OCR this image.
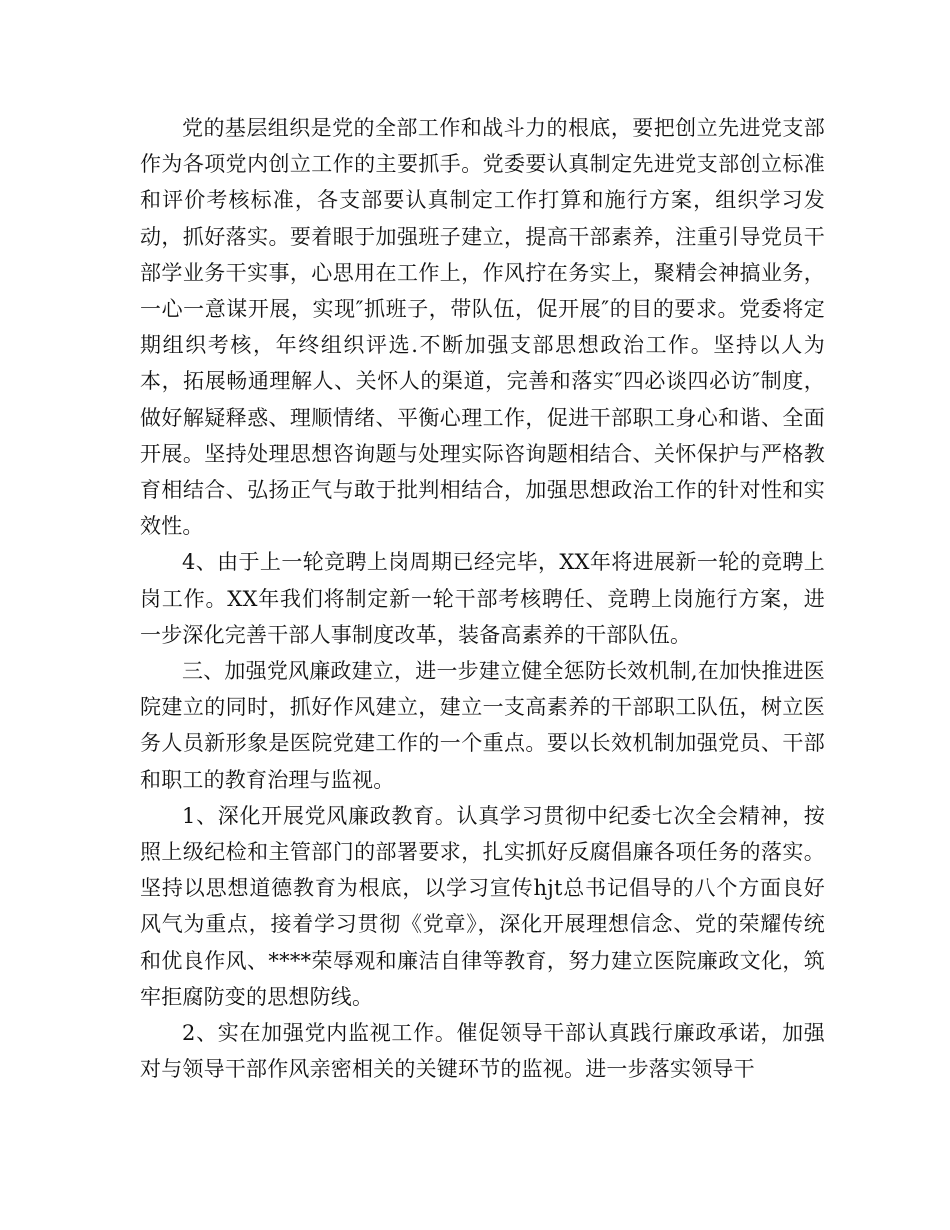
党的基层组织是党的全部工作和战斗力的根底，要把创立先进党支部作为各项党内创立工作的主要抓手。党委要认真制定先进党支部创立标准和评价考核标准，各支部要认真制定工作打算和施行方案，组织学习发动，抓好落实。要着眼于加强班子建立，提高干部素养，注重引导党员干部学业务干实事，心思用在工作上，作风拧在务实上，聚精会神搞业务，一心一意谋开展，实现″抓班子，带队伍，促开展″的目的要求。党委将定期组织考核，年终组织评选.不断加强支部思想政治工作。坚持以人为本，拓展畅通理解人、关怀人的渠道，完善和落实″四必谈四必访″制度，做好解疑释惑、理顺情绪、平衡心理工作，促进干部职工身心和谐、全面开展。坚持处理思想咨询题与处理实际咨询题相结合、关怀保护与严格教育相结合、弘扬正气与敢于批判相结合，加强思想政治工作的针对性和实效性。

4、由于上一轮竞聘上岗周期已经完毕，XX年将进展新一轮的竞聘上岗工作。XX年我们将制定新一轮干部考核聘任、竞聘上岗施行方案，进一步深化完善干部人事制度改革，装备高素养的干部队伍。

三、加强党风廉政建立，进一步建立健全惩防长效机制,在加快推进医院建立的同时，抓好作风建立，建立一支高素养的干部职工队伍，树立医务人员新形象是医院党建工作的一个重点。要以长效机制加强党员、干部和职工的教育治理与监视。

1、深化开展党风廉政教育。认真学习贯彻中纪委七次全会精神，按照上级纪检和主管部门的部署要求，扎实抓好反腐倡廉各项任务的落实。坚持以思想道德教育为根底，以学习宣传hjt总书记倡导的八个方面良好风气为重点，接着学习贯彻《党章》，深化开展理想信念、党的荣耀传统和优良作风、****荣辱观和廉洁自律等教育，努力建立医院廉政文化，筑牢拒腐防变的思想防线。

2、实在加强党内监视工作。催促领导干部认真践行廉政承诺，加强对与领导干部作风亲密相关的关键环节的监视。进一步落实领导干
